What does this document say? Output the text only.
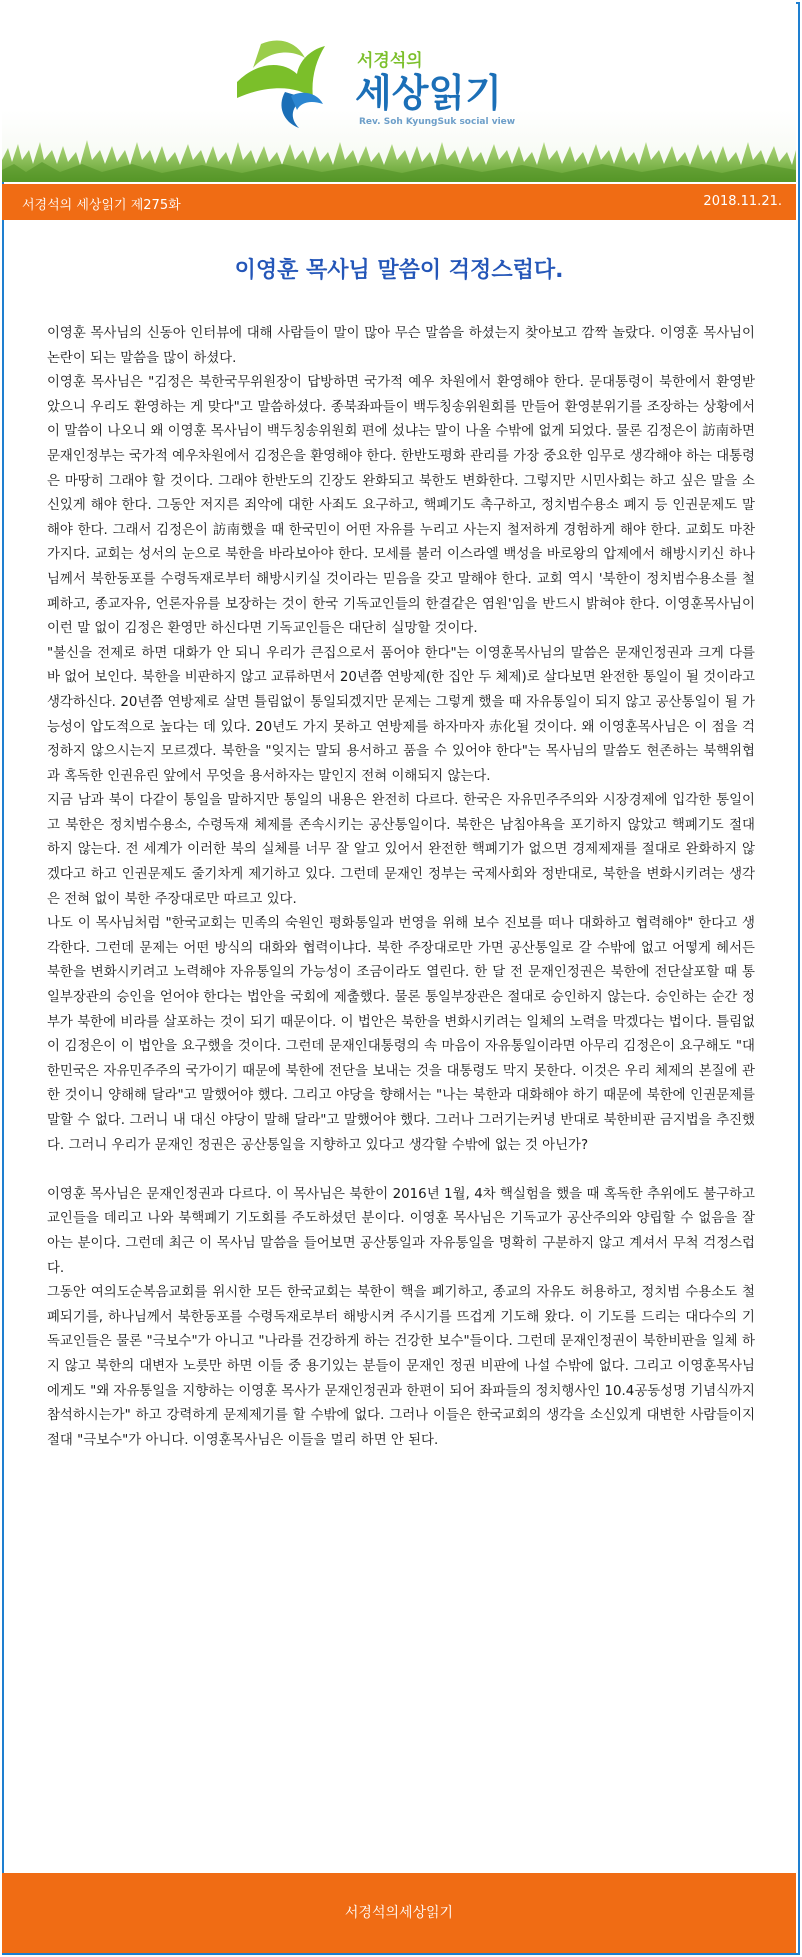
서경석의
세상읽기
Rev. Soh KyungSuk social view
서경석의 세상읽기 제275화	2018.11.21.
이영훈 목사님 말씀이 걱정스럽다.

이영훈 목사님의 신동아 인터뷰에 대해 사람들이 말이 많아 무슨 말씀을 하셨는지 찾아보고 깜짝 놀랐다. 이영훈 목사님이 논란이 되는 말씀을 많이 하셨다.

이영훈 목사님은 "김정은 북한국무위원장이 답방하면 국가적 예우 차원에서 환영해야 한다. 문대통령이 북한에서 환영받았으니 우리도 환영하는 게 맞다"고 말씀하셨다. 종북좌파들이 백두칭송위원회를 만들어 환영분위기를 조장하는 상황에서 이 말씀이 나오니 왜 이영훈 목사님이 백두칭송위원회 편에 섰냐는 말이 나올 수밖에 없게 되었다. 물론 김정은이 訪南하면 문재인정부는 국가적 예우차원에서 김정은을 환영해야 한다. 한반도평화 관리를 가장 중요한 임무로 생각해야 하는 대통령은 마땅히 그래야 할 것이다. 그래야 한반도의 긴장도 완화되고 북한도 변화한다. 그렇지만 시민사회는 하고 싶은 말을 소신있게 해야 한다. 그동안 저지른 죄악에 대한 사죄도 요구하고, 핵폐기도 촉구하고, 정치범수용소 폐지 등 인권문제도 말해야 한다. 그래서 김정은이 訪南했을 때 한국민이 어떤 자유를 누리고 사는지 철저하게 경험하게 해야 한다. 교회도 마찬가지다. 교회는 성서의 눈으로 북한을 바라보아야 한다. 모세를 불러 이스라엘 백성을 바로왕의 압제에서 해방시키신 하나님께서 북한동포를 수령독재로부터 해방시키실 것이라는 믿음을 갖고 말해야 한다. 교회 역시 '북한이 정치범수용소를 철폐하고, 종교자유, 언론자유를 보장하는 것이 한국 기독교인들의 한결같은 염원'임을 반드시 밝혀야 한다. 이영훈목사님이 이런 말 없이 김정은 환영만 하신다면 기독교인들은 대단히 실망할 것이다.

"불신을 전제로 하면 대화가 안 되니 우리가 큰집으로서 품어야 한다"는 이영훈목사님의 말씀은 문재인정권과 크게 다를 바 없어 보인다. 북한을 비판하지 않고 교류하면서 20년쯤 연방제(한 집안 두 체제)로 살다보면 완전한 통일이 될 것이라고 생각하신다. 20년쯤 연방제로 살면 틀림없이 통일되겠지만 문제는 그렇게 했을 때 자유통일이 되지 않고 공산통일이 될 가능성이 압도적으로 높다는 데 있다. 20년도 가지 못하고 연방제를 하자마자 赤化될 것이다. 왜 이영훈목사님은 이 점을 걱정하지 않으시는지 모르겠다. 북한을 "잊지는 말되 용서하고 품을 수 있어야 한다"는 목사님의 말씀도 현존하는 북핵위협과 혹독한 인권유린 앞에서 무엇을 용서하자는 말인지 전혀 이해되지 않는다.

지금 남과 북이 다같이 통일을 말하지만 통일의 내용은 완전히 다르다. 한국은 자유민주주의와 시장경제에 입각한 통일이고 북한은 정치범수용소, 수령독재 체제를 존속시키는 공산통일이다. 북한은 남침야욕을 포기하지 않았고 핵폐기도 절대 하지 않는다. 전 세계가 이러한 북의 실체를 너무 잘 알고 있어서 완전한 핵폐기가 없으면 경제제재를 절대로 완화하지 않겠다고 하고 인권문제도 줄기차게 제기하고 있다. 그런데 문재인 정부는 국제사회와 정반대로, 북한을 변화시키려는 생각은 전혀 없이 북한 주장대로만 따르고 있다.

나도 이 목사님처럼 "한국교회는 민족의 숙원인 평화통일과 번영을 위해 보수 진보를 떠나 대화하고 협력해야" 한다고 생각한다. 그런데 문제는 어떤 방식의 대화와 협력이냐다. 북한 주장대로만 가면 공산통일로 갈 수밖에 없고 어떻게 헤서든 북한을 변화시키려고 노력해야 자유통일의 가능성이 조금이라도 열린다. 한 달 전 문재인정권은 북한에 전단살포할 때 통일부장관의 승인을 얻어야 한다는 법안을 국회에 제출했다. 물론 통일부장관은 절대로 승인하지 않는다. 승인하는 순간 정부가 북한에 비라를 살포하는 것이 되기 때문이다. 이 법안은 북한을 변화시키려는 일체의 노력을 막겠다는 법이다. 틀림없이 김정은이 이 법안을 요구했을 것이다. 그런데 문재인대통령의 속 마음이 자유통일이라면 아무리 김정은이 요구해도 "대한민국은 자유민주주의 국가이기 때문에 북한에 전단을 보내는 것을 대통령도 막지 못한다. 이것은 우리 체제의 본질에 관한 것이니 양해해 달라"고 말했어야 했다. 그리고 야당을 향해서는 "나는 북한과 대화해야 하기 때문에 북한에 인권문제를 말할 수 없다. 그러니 내 대신 야당이 말해 달라"고 말했어야 했다. 그러나 그러기는커녕 반대로 북한비판 금지법을 추진했다. 그러니 우리가 문재인 정권은 공산통일을 지향하고 있다고 생각할 수밖에 없는 것 아닌가?

이영훈 목사님은 문재인정권과 다르다. 이 목사님은 북한이 2016년 1월, 4차 핵실험을 했을 때 혹독한 추위에도 불구하고 교인들을 데리고 나와 북핵폐기 기도회를 주도하셨던 분이다. 이영훈 목사님은 기독교가 공산주의와 양립할 수 없음을 잘 아는 분이다. 그런데 최근 이 목사님 말씀을 들어보면 공산통일과 자유통일을 명확히 구분하지 않고 계셔서 무척 걱정스럽다.

그동안 여의도순복음교회를 위시한 모든 한국교회는 북한이 핵을 폐기하고, 종교의 자유도 허용하고, 정치범 수용소도 철폐되기를, 하나님께서 북한동포를 수령독재로부터 해방시켜 주시기를 뜨겁게 기도해 왔다. 이 기도를 드리는 대다수의 기독교인들은 물론 "극보수"가 아니고 "나라를 건강하게 하는 건강한 보수"들이다. 그런데 문재인정권이 북한비판을 일체 하지 않고 북한의 대변자 노릇만 하면 이들 중 용기있는 분들이 문재인 정권 비판에 나설 수밖에 없다. 그리고 이영훈목사님에게도 "왜 자유통일을 지향하는 이영훈 목사가 문재인정권과 한편이 되어 좌파들의 정치행사인 10.4공동성명 기념식까지 참석하시는가" 하고 강력하게 문제제기를 할 수밖에 없다. 그러나 이들은 한국교회의 생각을 소신있게 대변한 사람들이지 절대 "극보수"가 아니다. 이영훈목사님은 이들을 멀리 하면 안 된다.

서경석의세상읽기
